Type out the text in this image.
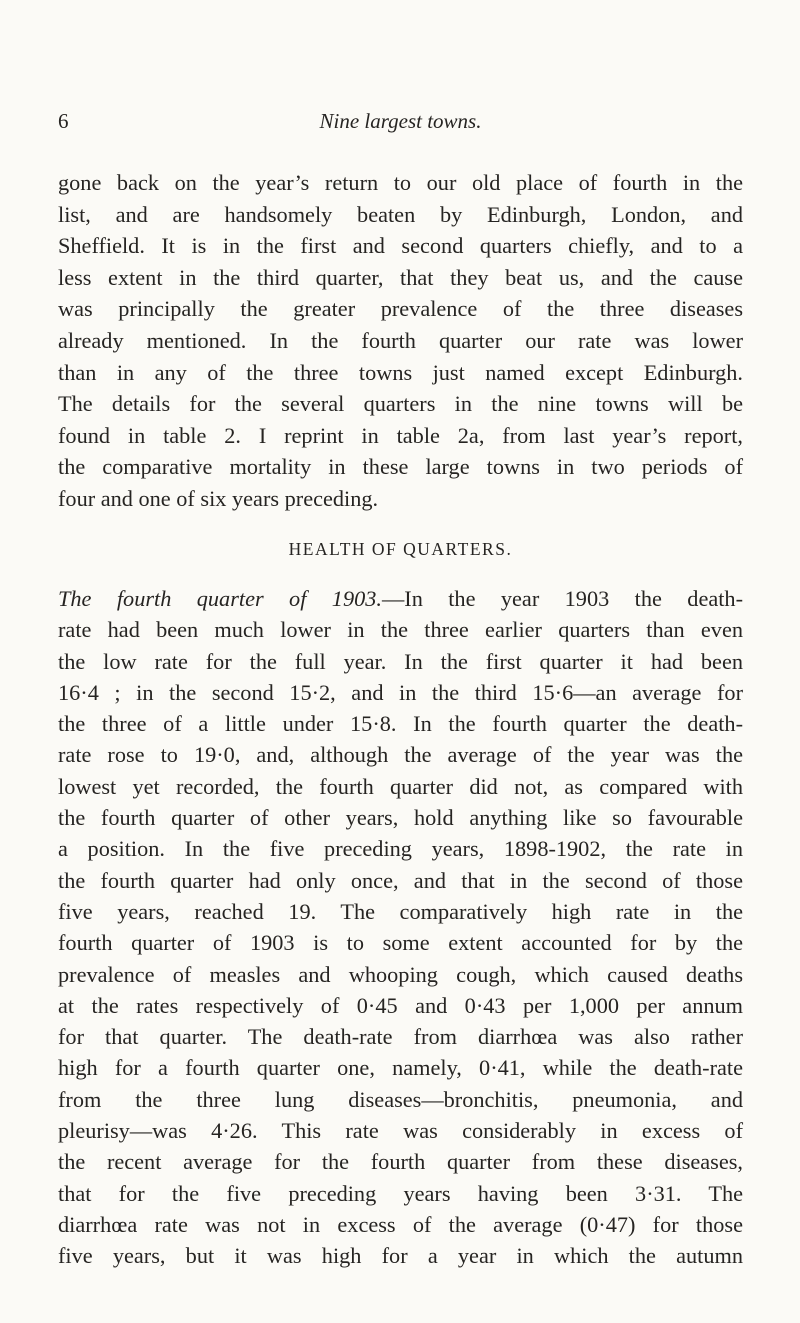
6	Nine largest towns.
gone back on the year’s return to our old place of fourth in the
list, and are handsomely beaten by Edinburgh, London, and
Sheffield. It is in the first and second quarters chiefly, and to a
less extent in the third quarter, that they beat us, and the cause
was principally the greater prevalence of the three diseases
already mentioned. In the fourth quarter our rate was lower
than in any of the three towns just named except Edinburgh.
The details for the several quarters in the nine towns will be
found in table 2. I reprint in table 2a, from last year’s report,
the comparative mortality in these large towns in two periods of
four and one of six years preceding.
HEALTH OF QUARTERS.
The fourth quarter of 1903.—In the year 1903 the death-
rate had been much lower in the three earlier quarters than even
the low rate for the full year. In the first quarter it had been
16·4 ; in the second 15·2, and in the third 15·6—an average for
the three of a little under 15·8. In the fourth quarter the death-
rate rose to 19·0, and, although the average of the year was the
lowest yet recorded, the fourth quarter did not, as compared with
the fourth quarter of other years, hold anything like so favourable
a position. In the five preceding years, 1898-1902, the rate in
the fourth quarter had only once, and that in the second of those
five years, reached 19. The comparatively high rate in the
fourth quarter of 1903 is to some extent accounted for by the
prevalence of measles and whooping cough, which caused deaths
at the rates respectively of 0·45 and 0·43 per 1,000 per annum
for that quarter. The death-rate from diarrhœa was also rather
high for a fourth quarter one, namely, 0·41, while the death-rate
from the three lung diseases—bronchitis, pneumonia, and
pleurisy—was 4·26. This rate was considerably in excess of
the recent average for the fourth quarter from these diseases,
that for the five preceding years having been 3·31. The
diarrhœa rate was not in excess of the average (0·47) for those
five years, but it was high for a year in which the autumn
